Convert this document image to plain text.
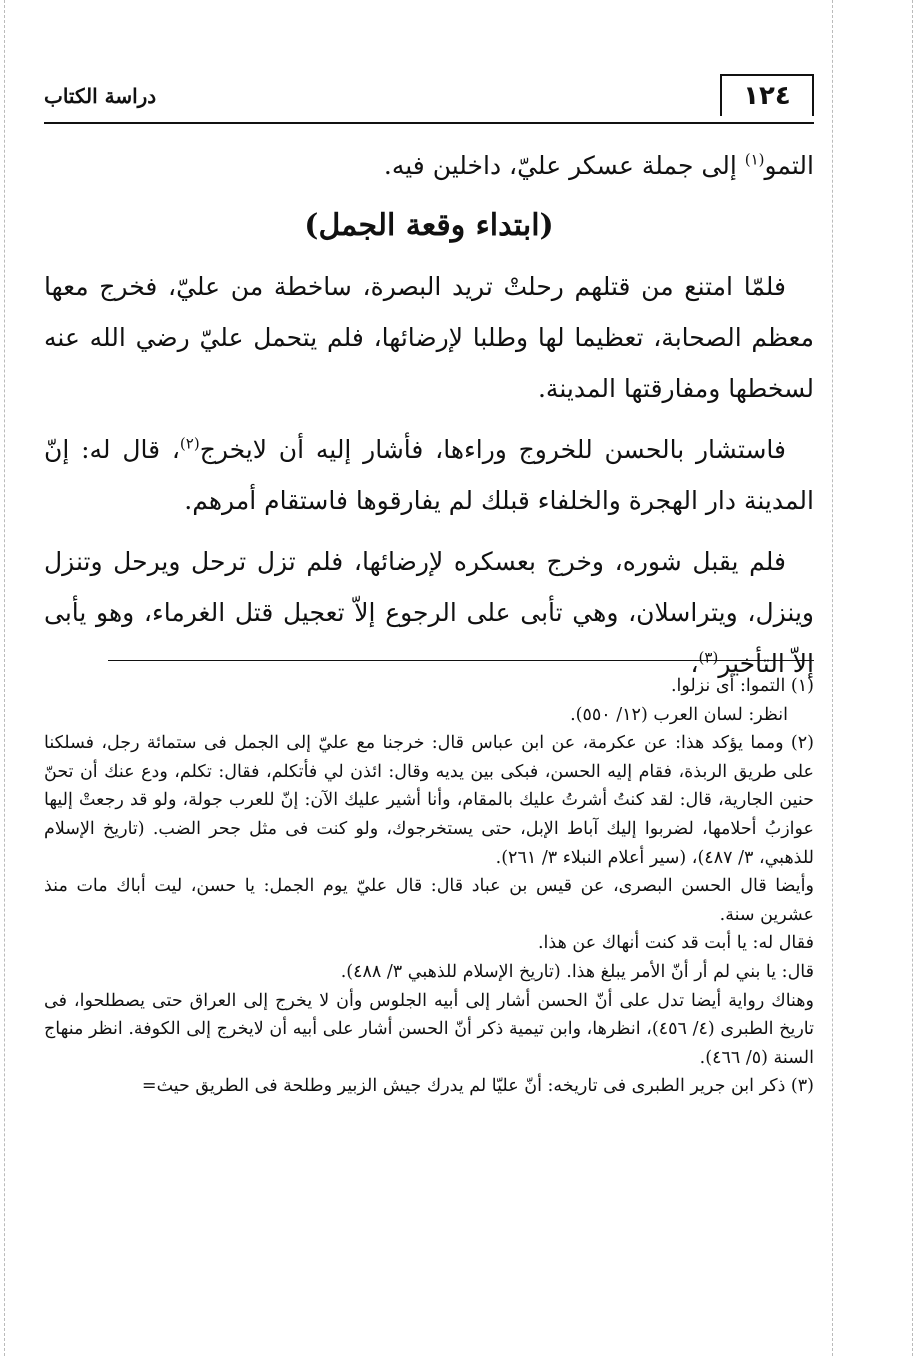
١٢٤
دراسة الكتاب

التمو$^{(١)}$ إلى جملة عسكر عليّ، داخلين فيه.

(ابتداء وقعة الجمل)

فلمّا امتنع من قتلهم رحلتْ تريد البصرة، ساخطة من عليّ، فخرج معها معظم الصحابة، تعظيما لها وطلبا لإرضائها، فلم يتحمل عليّ رضي الله عنه لسخطها ومفارقتها المدينة.

فاستشار بالحسن للخروج وراءها، فأشار إليه أن لايخرج$^{(٢)}$، قال له: إنّ المدينة دار الهجرة والخلفاء قبلك لم يفارقوها فاستقام أمرهم.

فلم يقبل شوره، وخرج بعسكره لإرضائها، فلم تزل ترحل ويرحل وتنزل وينزل، ويتراسلان، وهي تأبى على الرجوع إلاّ تعجيل قتل الغرماء، وهو يأبى إلاّ التأخير$^{(٣)}$،

(١) التموا: أى نزلوا.

انظر: لسان العرب (١٢/ ٥٥٠).

(٢) ومما يؤكد هذا: عن عكرمة، عن ابن عباس قال: خرجنا مع عليّ إلى الجمل فى ستمائة رجل، فسلكنا على طريق الربذة، فقام إليه الحسن، فبكى بين يديه وقال: ائذن لي فأتكلم، فقال: تكلم، ودع عنك أن تحنّ حنين الجارية، قال: لقد كنتُ أشرتُ عليك بالمقام، وأنا أشير عليك الآن: إنّ للعرب جولة، ولو قد رجعتْ إليها عوازبُ أحلامها، لضربوا إليك آباط الإبل، حتى يستخرجوك، ولو كنت فى مثل جحر الضب. (تاريخ الإسلام للذهبي، ٣/ ٤٨٧)، (سير أعلام النبلاء ٣/ ٢٦١).

وأيضا قال الحسن البصرى، عن قيس بن عباد قال: قال عليّ يوم الجمل: يا حسن، ليت أباك مات منذ عشرين سنة.

فقال له: يا أبت قد كنت أنهاك عن هذا.

قال: يا بني لم أر أنّ الأمر يبلغ هذا. (تاريخ الإسلام للذهبي ٣/ ٤٨٨).

وهناك رواية أيضا تدل على أنّ الحسن أشار إلى أبيه الجلوس وأن لا يخرج إلى العراق حتى يصطلحوا، فى تاريخ الطبرى (٤/ ٤٥٦)، انظرها، وابن تيمية ذكر أنّ الحسن أشار على أبيه أن لايخرج إلى الكوفة. انظر منهاج السنة (٥/ ٤٦٦).

(٣) ذكر ابن جرير الطبرى فى تاريخه: أنّ عليّا لم يدرك جيش الزبير وطلحة فى الطريق حيث=
